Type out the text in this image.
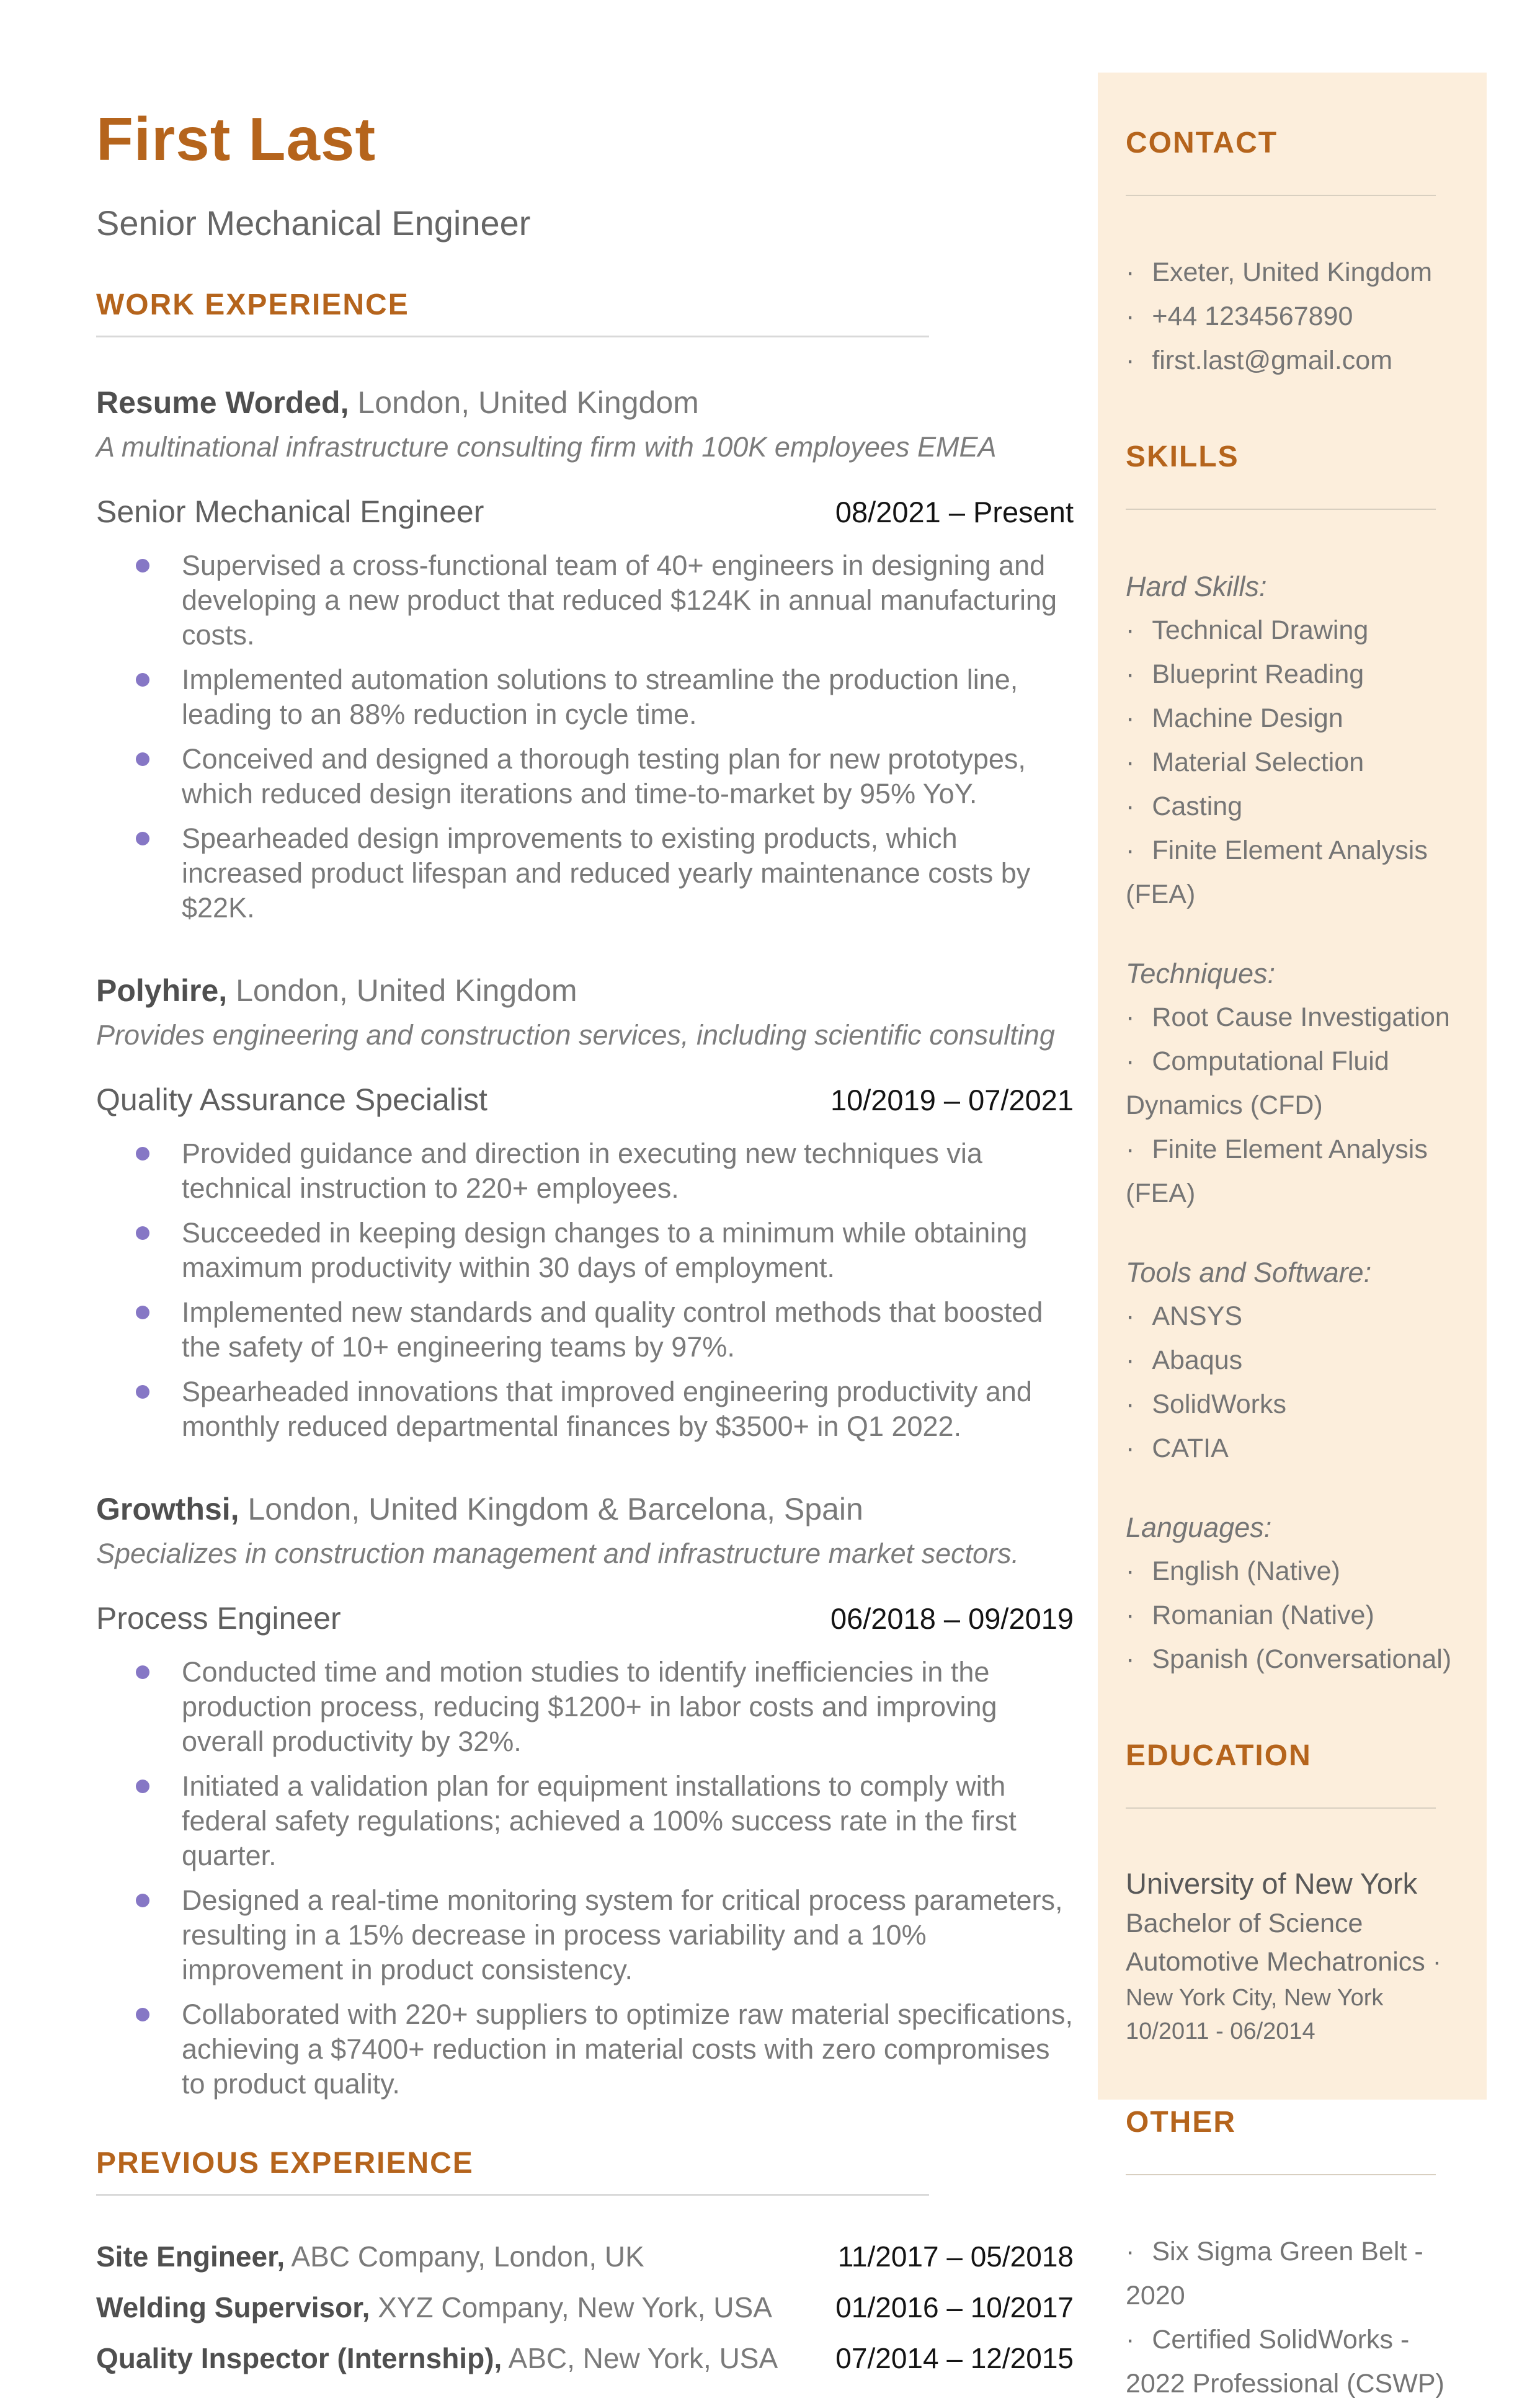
First Last
Senior Mechanical Engineer
WORK EXPERIENCE
Resume Worded, London, United Kingdom
A multinational infrastructure consulting firm with 100K employees EMEA
Senior Mechanical Engineer	08/2021 – Present
Supervised a cross-functional team of 40+ engineers in designing and developing a new product that reduced $124K in annual manufacturing costs.
Implemented automation solutions to streamline the production line, leading to an 88% reduction in cycle time.
Conceived and designed a thorough testing plan for new prototypes, which reduced design iterations and time-to-market by 95% YoY.
Spearheaded design improvements to existing products, which increased product lifespan and reduced yearly maintenance costs by $22K.
Polyhire, London, United Kingdom
Provides engineering and construction services, including scientific consulting
Quality Assurance Specialist	10/2019 – 07/2021
Provided guidance and direction in executing new techniques via technical instruction to 220+ employees.
Succeeded in keeping design changes to a minimum while obtaining maximum productivity within 30 days of employment.
Implemented new standards and quality control methods that boosted the safety of 10+ engineering teams by 97%.
Spearheaded innovations that improved engineering productivity and monthly reduced departmental finances by $3500+ in Q1 2022.
Growthsi, London, United Kingdom & Barcelona, Spain
Specializes in construction management and infrastructure market sectors.
Process Engineer	06/2018 – 09/2019
Conducted time and motion studies to identify inefficiencies in the production process, reducing $1200+ in labor costs and improving overall productivity by 32%.
Initiated a validation plan for equipment installations to comply with federal safety regulations; achieved a 100% success rate in the first quarter.
Designed a real-time monitoring system for critical process parameters, resulting in a 15% decrease in process variability and a 10% improvement in product consistency.
Collaborated with 220+ suppliers to optimize raw material specifications, achieving a $7400+ reduction in material costs with zero compromises to product quality.
PREVIOUS EXPERIENCE
Site Engineer, ABC Company, London, UK	11/2017 – 05/2018
Welding Supervisor, XYZ Company, New York, USA	01/2016 – 10/2017
Quality Inspector (Internship), ABC, New York, USA	07/2014 – 12/2015
CONTACT
· Exeter, United Kingdom
· +44 1234567890
· first.last@gmail.com
SKILLS
Hard Skills:
· Technical Drawing
· Blueprint Reading
· Machine Design
· Material Selection
· Casting
· Finite Element Analysis (FEA)
Techniques:
· Root Cause Investigation
· Computational Fluid Dynamics (CFD)
· Finite Element Analysis (FEA)
Tools and Software:
· ANSYS
· Abaqus
· SolidWorks
· CATIA
Languages:
· English (Native)
· Romanian (Native)
· Spanish (Conversational)
EDUCATION
University of New York
Bachelor of Science
Automotive Mechatronics ·
New York City, New York
10/2011 - 06/2014
OTHER
· Six Sigma Green Belt - 2020
· Certified SolidWorks - 2022 Professional (CSWP)
